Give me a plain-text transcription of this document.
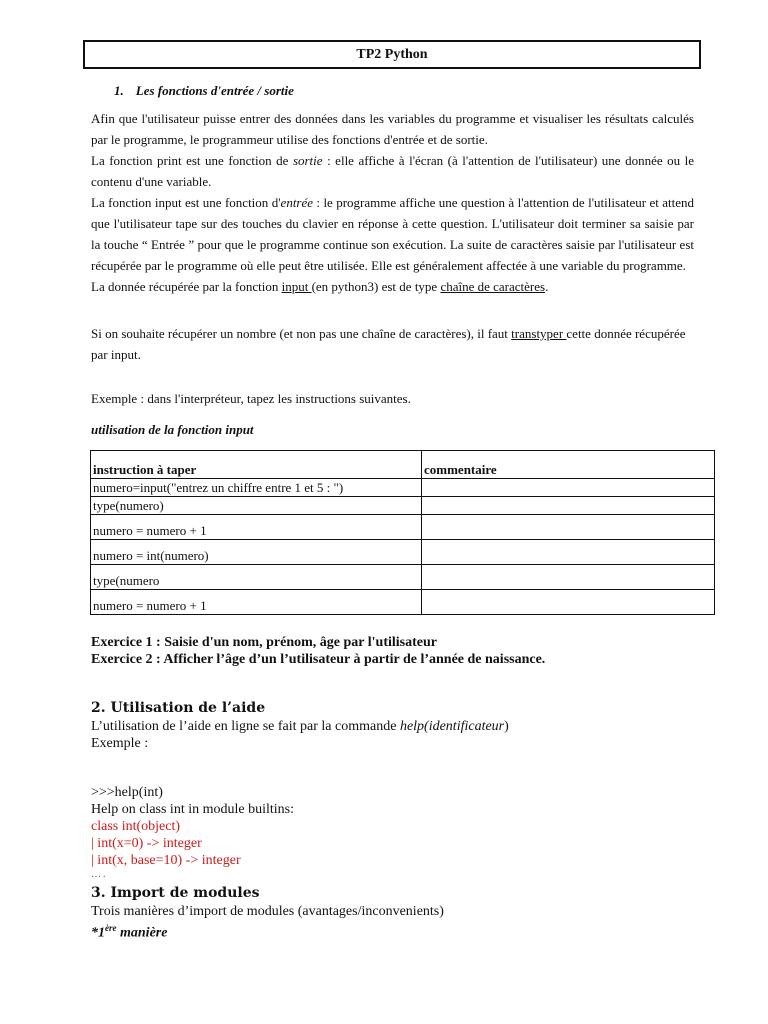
TP2 Python
1. Les fonctions d'entrée / sortie

Afin que l'utilisateur puisse entrer des données dans les variables du programme et visualiser les résultats calculés par le programme, le programmeur utilise des fonctions d'entrée et de sortie.

La fonction print est une fonction de sortie : elle affiche à l'écran (à l'attention de l'utilisateur) une donnée ou le contenu d'une variable.

La fonction input est une fonction d'entrée : le programme affiche une question à l'attention de l'utilisateur et attend que l'utilisateur tape sur des touches du clavier en réponse à cette question. L'utilisateur doit terminer sa saisie par la touche “ Entrée ” pour que le programme continue son exécution. La suite de caractères saisie par l'utilisateur est récupérée par le programme où elle peut être utilisée. Elle est généralement affectée à une variable du programme.

La donnée récupérée par la fonction input (en python3) est de type chaîne de caractères.

Si on souhaite récupérer un nombre (et non pas une chaîne de caractères), il faut transtyper cette donnée récupérée par input.
Exemple : dans l'interpréteur, tapez les instructions suivantes.
utilisation de la fonction input
instruction à taper	commentaire
numero=input("entrez un chiffre entre 1 et 5 : ")	
type(numero)	
numero = numero + 1	
numero = int(numero)	
type(numero	
numero = numero + 1	
Exercice 1 : Saisie d'un nom, prénom, âge par l'utilisateur
Exercice 2 : Afficher l’âge d’un l’utilisateur à partir de l’année de naissance.
2. Utilisation de l’aide
L’utilisation de l’aide en ligne se fait par la commande help(identificateur)
Exemple :
>>>help(int)
Help on class int in module builtins:
class int(object)
| int(x=0) -> integer
| int(x, base=10) -> integer
….
3. Import de modules
Trois manières d’import de modules (avantages/inconvenients)
*1ère manière
